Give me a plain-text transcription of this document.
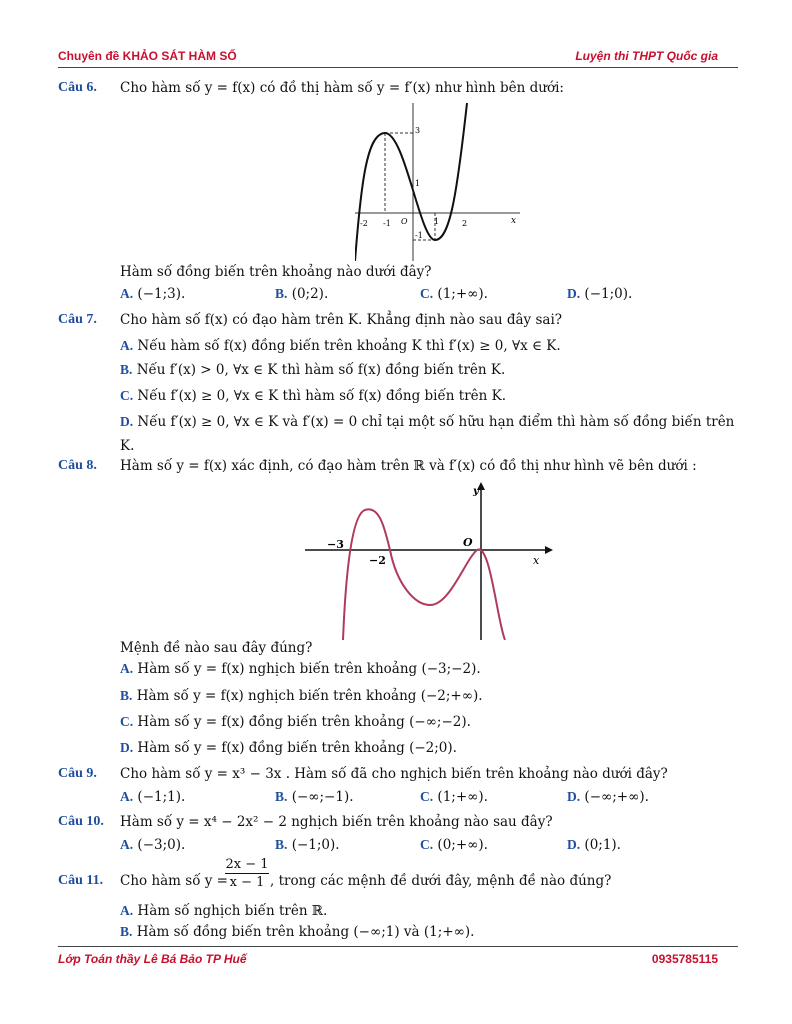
Chuyên đề KHẢO SÁT HÀM SỐ	Luyện thi THPT Quốc gia
Câu 6. Cho hàm số y = f(x) có đồ thị hàm số y = f′(x) như hình bên dưới:
-2 -1 O	1	2
3
1
-1
x
Hàm số đồng biến trên khoảng nào dưới đây?
A. (−1;3).	B. (0;2).	C. (1;+∞).	D. (−1;0).
Câu 7. Cho hàm số f(x) có đạo hàm trên K. Khẳng định nào sau đây sai?
A. Nếu hàm số f(x) đồng biến trên khoảng K thì f′(x) ≥ 0, ∀x ∈ K.
B. Nếu f′(x) > 0, ∀x ∈ K thì hàm số f(x) đồng biến trên K.
C. Nếu f′(x) ≥ 0, ∀x ∈ K thì hàm số f(x) đồng biến trên K.
D. Nếu f′(x) ≥ 0, ∀x ∈ K và f′(x) = 0 chỉ tại một số hữu hạn điểm thì hàm số đồng biến trên
K.
Câu 8. Hàm số y = f(x) xác định, có đạo hàm trên ℝ và f′(x) có đồ thị như hình vẽ bên dưới :
y
−3	O
−2	x
Mệnh đề nào sau đây đúng?
A. Hàm số y = f(x) nghịch biến trên khoảng (−3;−2).
B. Hàm số y = f(x) nghịch biến trên khoảng (−2;+∞).
C. Hàm số y = f(x) đồng biến trên khoảng (−∞;−2).
D. Hàm số y = f(x) đồng biến trên khoảng (−2;0).
Câu 9. Cho hàm số y = x³ − 3x . Hàm số đã cho nghịch biến trên khoảng nào dưới đây?
A. (−1;1).	B. (−∞;−1).	C. (1;+∞).	D. (−∞;+∞).
Câu 10. Hàm số y = x⁴ − 2x² − 2 nghịch biến trên khoảng nào sau đây?
A. (−3;0).	B. (−1;0).	C. (0;+∞).	D. (0;1).
Câu 11. Cho hàm số y =
$\frac{2x - 1}{x - 1}$ , trong các mệnh đề dưới đây, mệnh đề nào đúng?
A. Hàm số nghịch biến trên ℝ.
B. Hàm số đồng biến trên khoảng (−∞;1) và (1;+∞).
Lớp Toán thầy Lê Bá Bảo TP Huế	0935785115
